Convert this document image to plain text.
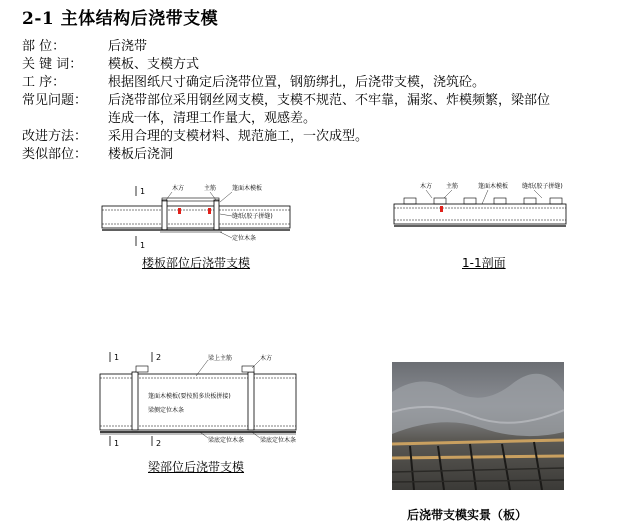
2-1 主体结构后浇带支模
部 位：	后浇带
关 键 词： 模板、支模方式
工 序：	根据图纸尺寸确定后浇带位置，钢筋绑扎，后浇带支模，浇筑砼。
常见问题： 后浇带部位采用钢丝网支模，支模不规范、不牢靠，漏浆、炸模频繁，梁部位
连成一体，清理工作量大，观感差。
改进方法： 采用合理的支模材料、规范施工，一次成型。
类似部位： 楼板后浇洞
1
1
木方	主筋	篷面木模板
缝纸(胶子拼缝)
定位木条
楼板部位后浇带支模
木方 主筋	篷面木模板 缝纸(胶子拼缝)
1-1剖面
1	2
1	2
梁上主筋	木方
篷面木模板(要按照多块板拼接)
梁侧定位木条
梁底定位木条	梁底定位木条
梁部位后浇带支模
后浇带支模实景（板）
